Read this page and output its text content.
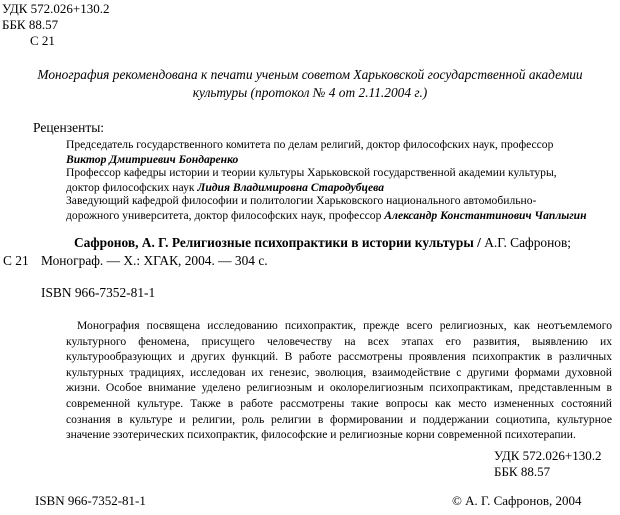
УДК 572.026+130.2
ББК 88.57
С 21
Монография рекомендована к печати ученым советом Харьковской государственной академии
культуры (протокол № 4 от 2.11.2004 г.)
Рецензенты:
Председатель государственного комитета по делам религий, доктор философских наук, профессор
Виктор Дмитриевич Бондаренко
Профессор кафедры истории и теории культуры Харьковской государственной академии культуры,
доктор философских наук Лидия Владимировна Стародубцева
Заведующий кафедрой философии и политологии Харьковского национального автомобильно-
дорожного университета, доктор философских наук, профессор Александр Константинович Чаплыгин
Сафронов, А. Г. Религиозные психопрактики в истории культуры / А.Г. Сафронов;
С 21 Монограф. — Х.: ХГАК, 2004. — 304 с.
ISBN 966-7352-81-1
Монография посвящена исследованию психопрактик, прежде всего религиозных, как неотъемлемого культурного феномена, присущего человечеству на всех этапах его развития, выявлению их культурообразующих и других функций. В работе рассмотрены проявления психопрактик в различных культурных традициях, исследован их генезис, эволюция, взаимодействие с другими формами духовной жизни. Особое внимание уделено религиозным и околорелигиозным психопрактикам, представленным в современной культуре. Также в работе рассмотрены такие вопросы как место измененных состояний сознания в культуре и религии, роль религии в формировании и поддержании социотипа, культурное значение эзотерических психопрактик, философские и религиозные корни современной психотерапии.
УДК 572.026+130.2
ББК 88.57
ISBN 966-7352-81-1	© А. Г. Сафронов, 2004
